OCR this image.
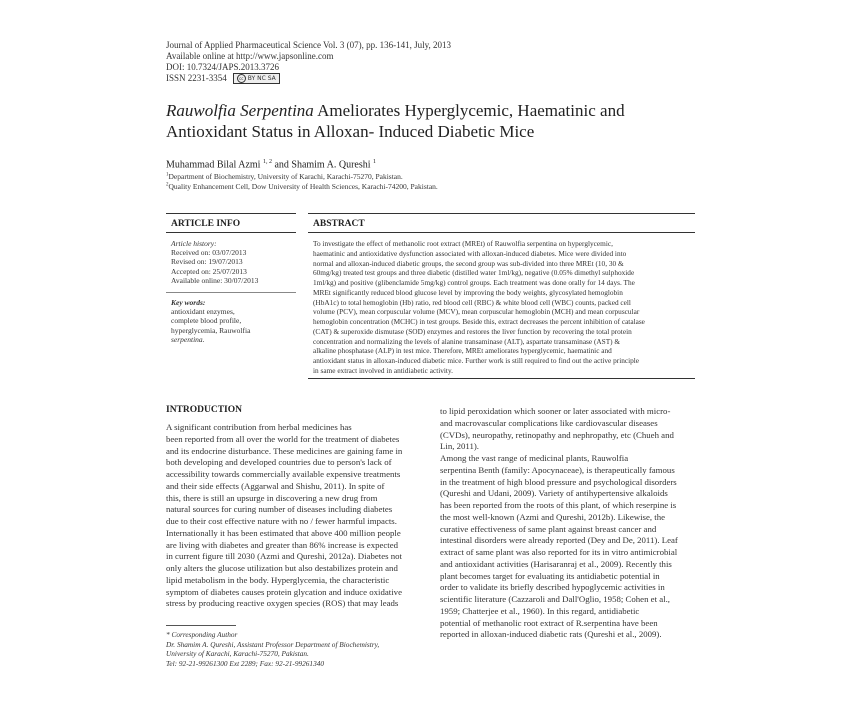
Journal of Applied Pharmaceutical Science Vol. 3 (07), pp. 136-141, July, 2013
Available online at http://www.japsonline.com
DOI: 10.7324/JAPS.2013.3726
ISSN 2231-3354	cc BY NC SA
Rauwolfia Serpentina Ameliorates Hyperglycemic, Haematinic and
Antioxidant Status in Alloxan- Induced Diabetic Mice
Muhammad Bilal Azmi $^{1, 2}$ and Shamim A. Qureshi $^1$
$^1$Department of Biochemistry, University of Karachi, Karachi-75270, Pakistan.
$^2$Quality Enhancement Cell, Dow University of Health Sciences, Karachi-74200, Pakistan.
ARTICLE INFO	ABSTRACT
Article history:
Received on: 03/07/2013
Revised on: 19/07/2013
Accepted on: 25/07/2013
Available online: 30/07/2013
Key words:
antioxidant enzymes,
complete blood profile,
hyperglycemia, Rauwolfia
serpentina.
To investigate the effect of methanolic root extract (MREt) of Rauwolfia serpentina on hyperglycemic,
haematinic and antioxidative dysfunction associated with alloxan-induced diabetes. Mice were divided into
normal and alloxan-induced diabetic groups, the second group was sub-divided into three MREt (10, 30 &
60mg/kg) treated test groups and three diabetic (distilled water 1ml/kg), negative (0.05% dimethyl sulphoxide
1ml/kg) and positive (glibenclamide 5mg/kg) control groups. Each treatment was done orally for 14 days. The
MREt significantly reduced blood glucose level by improving the body weights, glycosylated hemoglobin
(HbA1c) to total hemoglobin (Hb) ratio, red blood cell (RBC) & white blood cell (WBC) counts, packed cell
volume (PCV), mean corpuscular volume (MCV), mean corpuscular hemoglobin (MCH) and mean corpuscular
hemoglobin concentration (MCHC) in test groups. Beside this, extract decreases the percent inhibition of catalase
(CAT) & superoxide dismutase (SOD) enzymes and restores the liver function by recovering the total protein
concentration and normalizing the levels of alanine transaminase (ALT), aspartate transaminase (AST) &
alkaline phosphatase (ALP) in test mice. Therefore, MREt ameliorates hyperglycemic, haematinic and
antioxidant status in alloxan-induced diabetic mice. Further work is still required to find out the active principle
in same extract involved in antidiabetic activity.
INTRODUCTION
A significant contribution from herbal medicines has
been reported from all over the world for the treatment of diabetes
and its endocrine disturbance. These medicines are gaining fame in
both developing and developed countries due to person's lack of
accessibility towards commercially available expensive treatments
and their side effects (Aggarwal and Shishu, 2011). In spite of
this, there is still an upsurge in discovering a new drug from
natural sources for curing number of diseases including diabetes
due to their cost effective nature with no / fewer harmful impacts.
Internationally it has been estimated that above 400 million people
are living with diabetes and greater than 86% increase is expected
in current figure till 2030 (Azmi and Qureshi, 2012a). Diabetes not
only alters the glucose utilization but also destabilizes protein and
lipid metabolism in the body. Hyperglycemia, the characteristic
symptom of diabetes causes protein glycation and induce oxidative
stress by producing reactive oxygen species (ROS) that may leads
to lipid peroxidation which sooner or later associated with micro-
and macrovascular complications like cardiovascular diseases
(CVDs), neuropathy, retinopathy and nephropathy, etc (Chueh and
Lin, 2011).
Among the vast range of medicinal plants, Rauwolfia
serpentina Benth (family: Apocynaceae), is therapeutically famous
in the treatment of high blood pressure and psychological disorders
(Qureshi and Udani, 2009). Variety of antihypertensive alkaloids
has been reported from the roots of this plant, of which reserpine is
the most well-known (Azmi and Qureshi, 2012b). Likewise, the
curative effectiveness of same plant against breast cancer and
intestinal disorders were already reported (Dey and De, 2011). Leaf
extract of same plant was also reported for its in vitro antimicrobial
and antioxidant activities (Harisaranraj et al., 2009). Recently this
plant becomes target for evaluating its antidiabetic potential in
order to validate its briefly described hypoglycemic activities in
scientific literature (Cazzaroli and Dall'Oglio, 1958; Cohen et al.,
1959; Chatterjee et al., 1960). In this regard, antidiabetic
potential of methanolic root extract of R.serpentina have been
reported in alloxan-induced diabetic rats (Qureshi et al., 2009).
* Corresponding Author
Dr. Shamim A. Qureshi, Assistant Professor Department of Biochemistry,
University of Karachi, Karachi-75270, Pakistan.
Tel: 92-21-99261300 Ext 2289; Fax: 92-21-99261340
